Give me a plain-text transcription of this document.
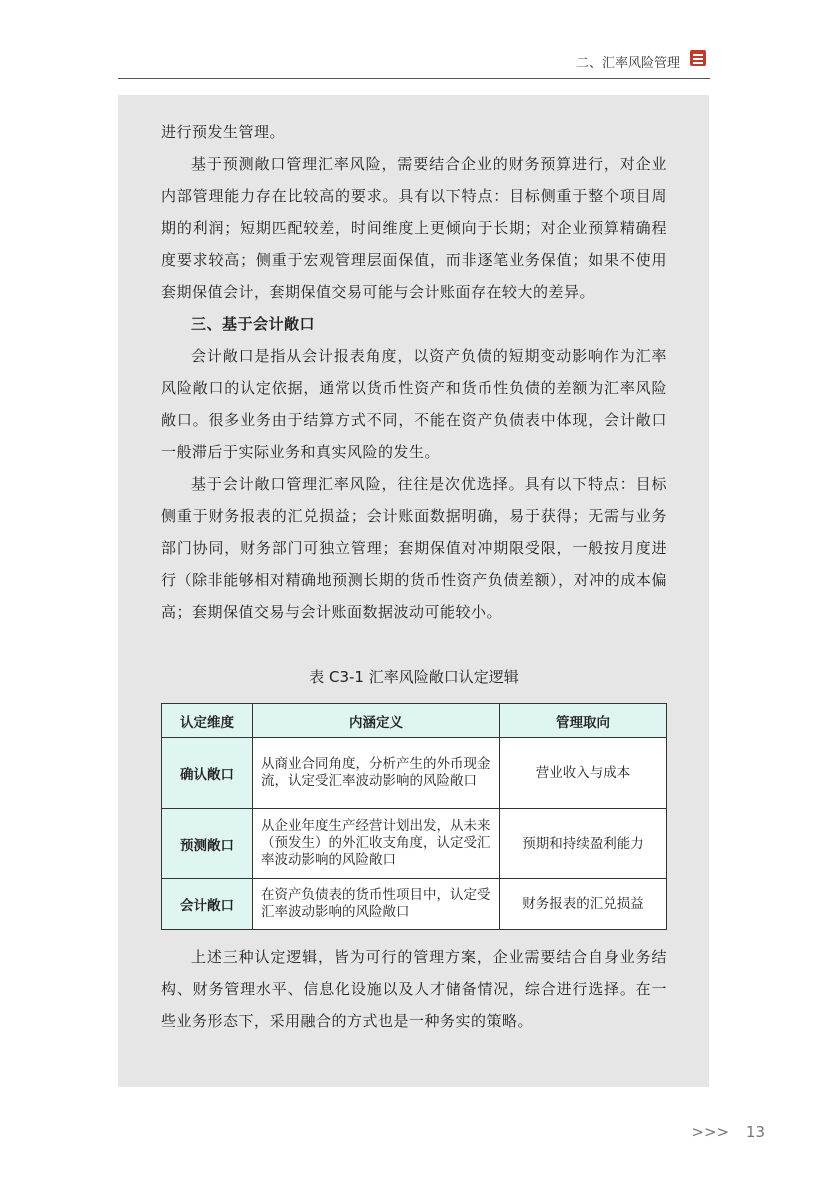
二、汇率风险管理

进行预发生管理。

基于预测敞口管理汇率风险，需要结合企业的财务预算进行，对企业内部管理能力存在比较高的要求。具有以下特点：目标侧重于整个项目周期的利润；短期匹配较差，时间维度上更倾向于长期；对企业预算精确程度要求较高；侧重于宏观管理层面保值，而非逐笔业务保值；如果不使用套期保值会计，套期保值交易可能与会计账面存在较大的差异。

三、基于会计敞口

会计敞口是指从会计报表角度，以资产负债的短期变动影响作为汇率风险敞口的认定依据，通常以货币性资产和货币性负债的差额为汇率风险敞口。很多业务由于结算方式不同，不能在资产负债表中体现，会计敞口一般滞后于实际业务和真实风险的发生。

基于会计敞口管理汇率风险，往往是次优选择。具有以下特点：目标侧重于财务报表的汇兑损益；会计账面数据明确，易于获得；无需与业务部门协同，财务部门可独立管理；套期保值对冲期限受限，一般按月度进行（除非能够相对精确地预测长期的货币性资产负债差额），对冲的成本偏高；套期保值交易与会计账面数据波动可能较小。

表 C3-1 汇率风险敞口认定逻辑
认定维度	内涵定义	管理取向
确认敞口	从商业合同角度，分析产生的外币现金流，认定受汇率波动影响的风险敞口	营业收入与成本
预测敞口	从企业年度生产经营计划出发，从未来（预发生）的外汇收支角度，认定受汇率波动影响的风险敞口	预期和持续盈利能力
会计敞口	在资产负债表的货币性项目中，认定受汇率波动影响的风险敞口	财务报表的汇兑损益

上述三种认定逻辑，皆为可行的管理方案，企业需要结合自身业务结构、财务管理水平、信息化设施以及人才储备情况，综合进行选择。在一些业务形态下，采用融合的方式也是一种务实的策略。

>>> 13
